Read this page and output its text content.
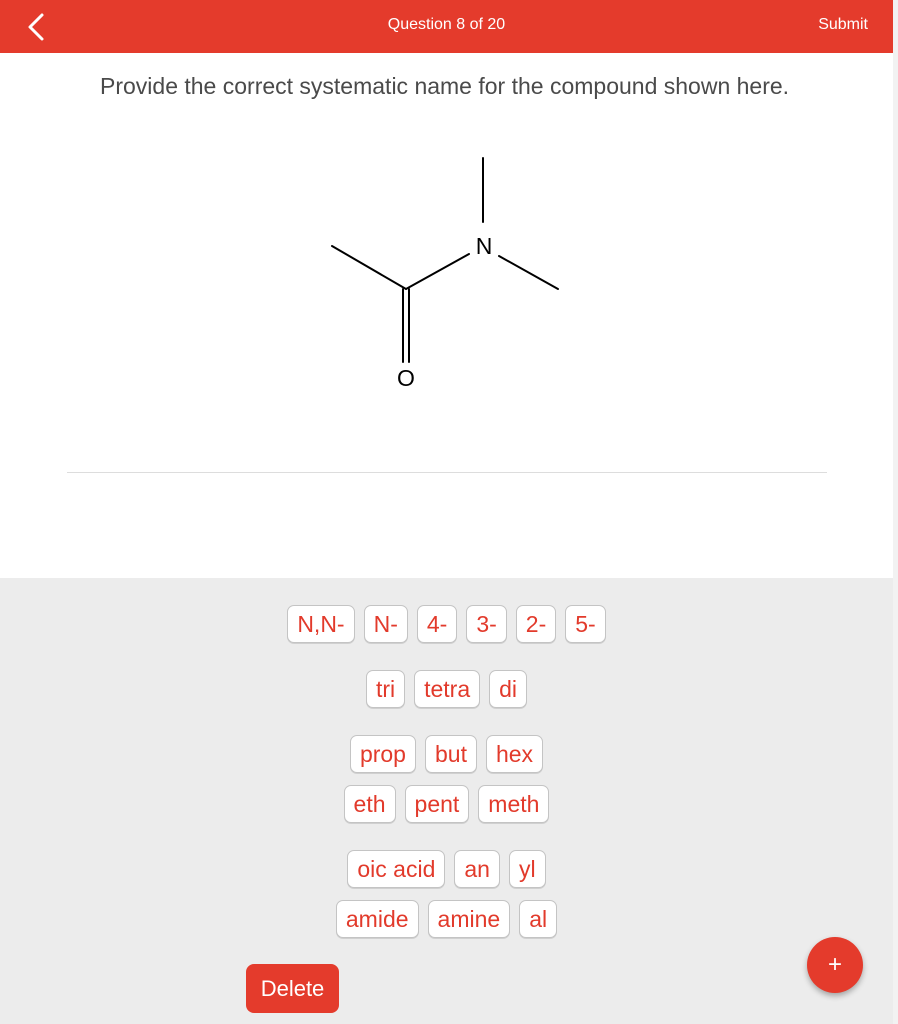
Question 8 of 20	Submit
Provide the correct systematic name for the compound shown here.
N
O
N,N-	N-	4-	3-	2-	5-
tri	tetra	di
prop	but	hex
eth	pent	meth
oic acid	an	yl
amide	amine	al
Delete
+
